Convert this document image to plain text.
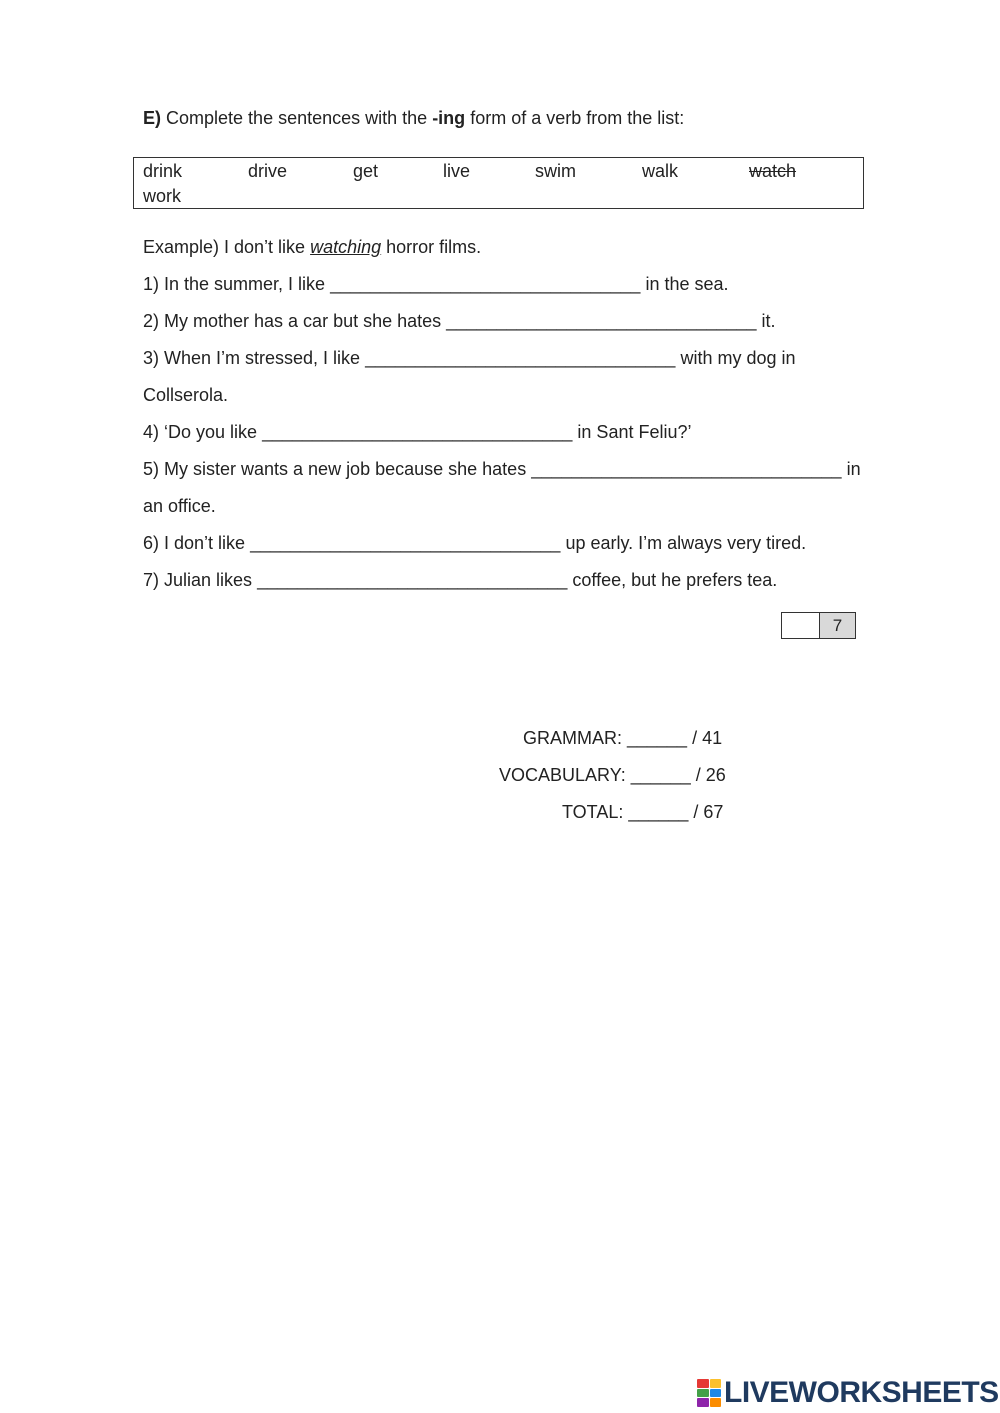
E) Complete the sentences with the -ing form of a verb from the list:
drink	drive	get	live	swim	walk	watch
work
Example) I don’t like watching horror films.
1) In the summer, I like _______________________________ in the sea.
2) My mother has a car but she hates _______________________________ it.
3) When I’m stressed, I like _______________________________ with my dog in
Collserola.
4) ‘Do you like _______________________________ in Sant Feliu?’
5) My sister wants a new job because she hates _______________________________ in
an office.
6) I don’t like _______________________________ up early. I’m always very tired.
7) Julian likes _______________________________ coffee, but he prefers tea.
7
GRAMMAR: ______ / 41
VOCABULARY: ______ / 26
TOTAL: ______ / 67
LIVEWORKSHEETS
